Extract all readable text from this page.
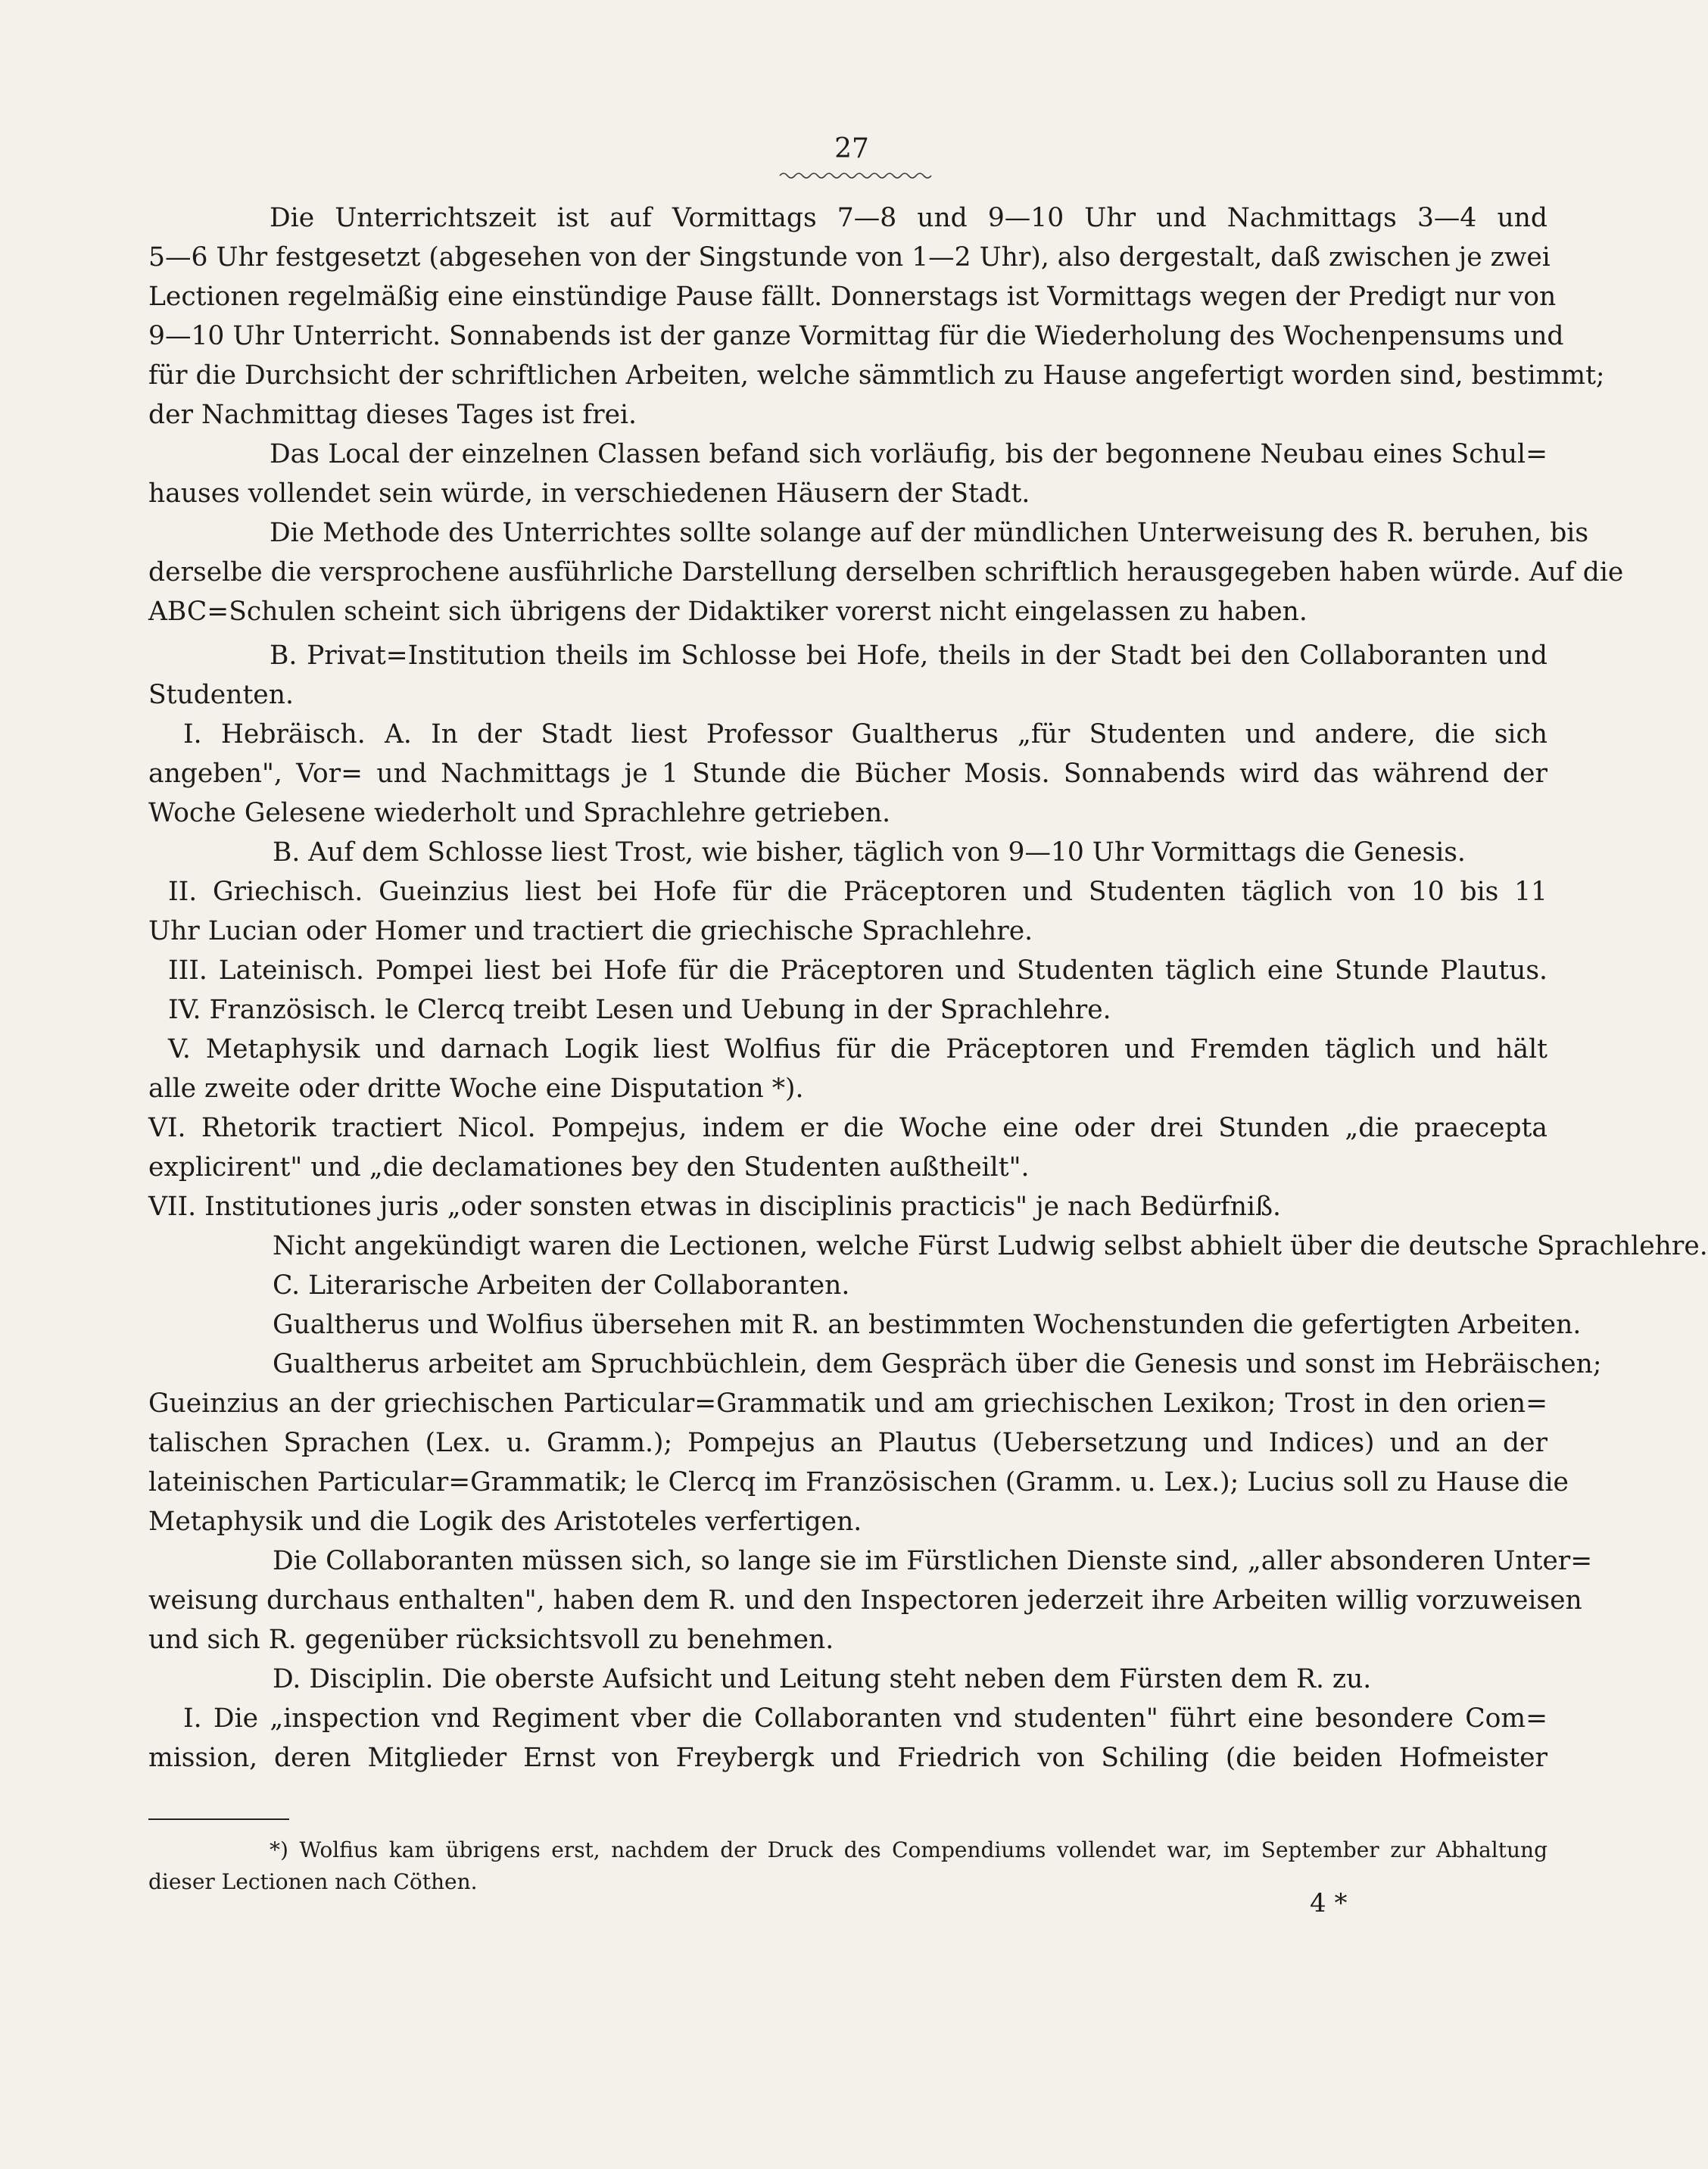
27
Die Unterrichtszeit ist auf Vormittags 7—8 und 9—10 Uhr und Nachmittags 3—4 und
5—6 Uhr festgesetzt (abgesehen von der Singstunde von 1—2 Uhr), also dergestalt, daß zwischen je zwei
Lectionen regelmäßig eine einstündige Pause fällt. Donnerstags ist Vormittags wegen der Predigt nur von
9—10 Uhr Unterricht. Sonnabends ist der ganze Vormittag für die Wiederholung des Wochenpensums und
für die Durchsicht der schriftlichen Arbeiten, welche sämmtlich zu Hause angefertigt worden sind, bestimmt;
der Nachmittag dieses Tages ist frei.
Das Local der einzelnen Classen befand sich vorläufig, bis der begonnene Neubau eines Schul=
hauses vollendet sein würde, in verschiedenen Häusern der Stadt.
Die Methode des Unterrichtes sollte solange auf der mündlichen Unterweisung des R. beruhen, bis
derselbe die versprochene ausführliche Darstellung derselben schriftlich herausgegeben haben würde. Auf die
ABC=Schulen scheint sich übrigens der Didaktiker vorerst nicht eingelassen zu haben.
B. Privat=Institution theils im Schlosse bei Hofe, theils in der Stadt bei den Collaboranten und
Studenten.
I. Hebräisch. A. In der Stadt liest Professor Gualtherus „für Studenten und andere, die sich
angeben", Vor= und Nachmittags je 1 Stunde die Bücher Mosis. Sonnabends wird das während der
Woche Gelesene wiederholt und Sprachlehre getrieben.
B. Auf dem Schlosse liest Trost, wie bisher, täglich von 9—10 Uhr Vormittags die Genesis.
II. Griechisch. Gueinzius liest bei Hofe für die Präceptoren und Studenten täglich von 10 bis 11
Uhr Lucian oder Homer und tractiert die griechische Sprachlehre.
III. Lateinisch. Pompei liest bei Hofe für die Präceptoren und Studenten täglich eine Stunde Plautus.
IV. Französisch. le Clercq treibt Lesen und Uebung in der Sprachlehre.
V. Metaphysik und darnach Logik liest Wolfius für die Präceptoren und Fremden täglich und hält
alle zweite oder dritte Woche eine Disputation *).
VI. Rhetorik tractiert Nicol. Pompejus, indem er die Woche eine oder drei Stunden „die praecepta
explicirent" und „die declamationes bey den Studenten außtheilt".
VII. Institutiones juris „oder sonsten etwas in disciplinis practicis" je nach Bedürfniß.
Nicht angekündigt waren die Lectionen, welche Fürst Ludwig selbst abhielt über die deutsche Sprachlehre.
C. Literarische Arbeiten der Collaboranten.
Gualtherus und Wolfius übersehen mit R. an bestimmten Wochenstunden die gefertigten Arbeiten.
Gualtherus arbeitet am Spruchbüchlein, dem Gespräch über die Genesis und sonst im Hebräischen;
Gueinzius an der griechischen Particular=Grammatik und am griechischen Lexikon; Trost in den orien=
talischen Sprachen (Lex. u. Gramm.); Pompejus an Plautus (Uebersetzung und Indices) und an der
lateinischen Particular=Grammatik; le Clercq im Französischen (Gramm. u. Lex.); Lucius soll zu Hause die
Metaphysik und die Logik des Aristoteles verfertigen.
Die Collaboranten müssen sich, so lange sie im Fürstlichen Dienste sind, „aller absonderen Unter=
weisung durchaus enthalten", haben dem R. und den Inspectoren jederzeit ihre Arbeiten willig vorzuweisen
und sich R. gegenüber rücksichtsvoll zu benehmen.
D. Disciplin. Die oberste Aufsicht und Leitung steht neben dem Fürsten dem R. zu.
I. Die „inspection vnd Regiment vber die Collaboranten vnd studenten" führt eine besondere Com=
mission, deren Mitglieder Ernst von Freybergk und Friedrich von Schiling (die beiden Hofmeister
*) Wolfius kam übrigens erst, nachdem der Druck des Compendiums vollendet war, im September zur Abhaltung
dieser Lectionen nach Cöthen.
4 *
